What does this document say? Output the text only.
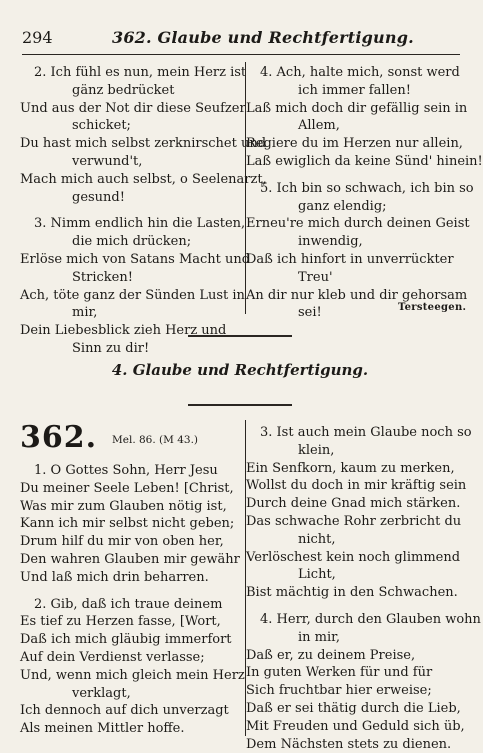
294	362. Glaube und Rechtfertigung.
2. Ich fühl es nun, mein Herz ist
gänz bedrücket
Und aus der Not dir diese Seufzer
schicket;
Du hast mich selbst zerknirschet und
verwund't,
Mach mich auch selbst, o Seelenarzt,
gesund!
3. Nimm endlich hin die Lasten,
die mich drücken;
Erlöse mich von Satans Macht und
Stricken!
Ach, töte ganz der Sünden Lust in
mir,
Dein Liebesblick zieh Herz und
Sinn zu dir!
4. Ach, halte mich, sonst werd
ich immer fallen!
Laß mich doch dir gefällig sein in
Allem,
Regiere du im Herzen nur allein,
Laß ewiglich da keine Sünd' hinein!
5. Ich bin so schwach, ich bin so
ganz elendig;
Erneu're mich durch deinen Geist
inwendig,
Daß ich hinfort in unverrückter
Treu'
An dir nur kleb und dir gehorsam
sei!	Tersteegen.
4. Glaube und Rechtfertigung.
362. Mel. 86. (M 43.)
1. O Gottes Sohn, Herr Jesu
Du meiner Seele Leben! [Christ,
Was mir zum Glauben nötig ist,
Kann ich mir selbst nicht geben;
Drum hilf du mir von oben her,
Den wahren Glauben mir gewähr
Und laß mich drin beharren.
2. Gib, daß ich traue deinem
Es tief zu Herzen fasse, [Wort,
Daß ich mich gläubig immerfort
Auf dein Verdienst verlasse;
Und, wenn mich gleich mein Herz
verklagt,
Ich dennoch auf dich unverzagt
Als meinen Mittler hoffe.
3. Ist auch mein Glaube noch so
klein,
Ein Senfkorn, kaum zu merken,
Wollst du doch in mir kräftig sein
Durch deine Gnad mich stärken.
Das schwache Rohr zerbricht du
nicht,
Verlöschest kein noch glimmend
Licht,
Bist mächtig in den Schwachen.
4. Herr, durch den Glauben wohn
in mir,
Daß er, zu deinem Preise,
In guten Werken für und für
Sich fruchtbar hier erweise;
Daß er sei thätig durch die Lieb,
Mit Freuden und Geduld sich üb,
Dem Nächsten stets zu dienen.
